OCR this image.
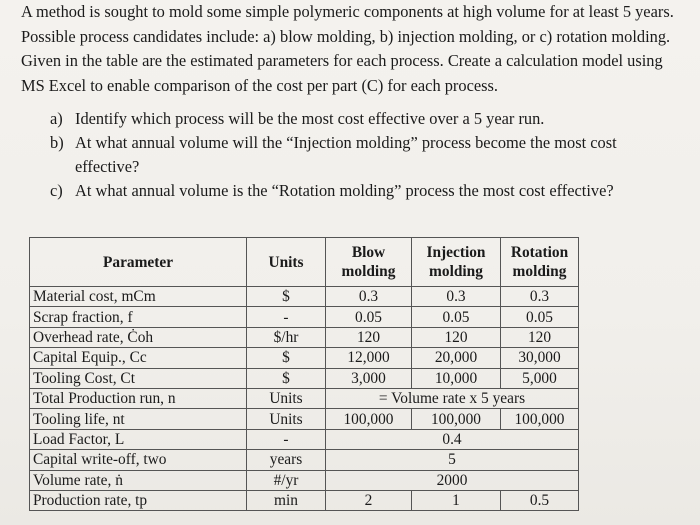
A method is sought to mold some simple polymeric components at high volume for at least 5 years. Possible process candidates include: a) blow molding, b) injection molding, or c) rotation molding. Given in the table are the estimated parameters for each process. Create a calculation model using MS Excel to enable comparison of the cost per part (C) for each process.

a) Identify which process will be the most cost effective over a 5 year run.
b) At what annual volume will the “Injection molding” process become the most cost effective?
c) At what annual volume is the “Rotation molding” process the most cost effective?
Parameter	Units	Blow molding	Injection molding	Rotation molding
Material cost, mCm	$	0.3	0.3	0.3
Scrap fraction, f	-	0.05	0.05	0.05
Overhead rate, Ċoh	$/hr	120	120	120
Capital Equip., Cc	$	12,000	20,000	30,000
Tooling Cost, Ct	$	3,000	10,000	5,000
Total Production run, n	Units	= Volume rate x 5 years		
Tooling life, nt	Units	100,000	100,000	100,000
Load Factor, L	-	0.4		
Capital write-off, two	years	5		
Volume rate, ṅ	#/yr	2000		
Production rate, tp	min	2	1	0.5
